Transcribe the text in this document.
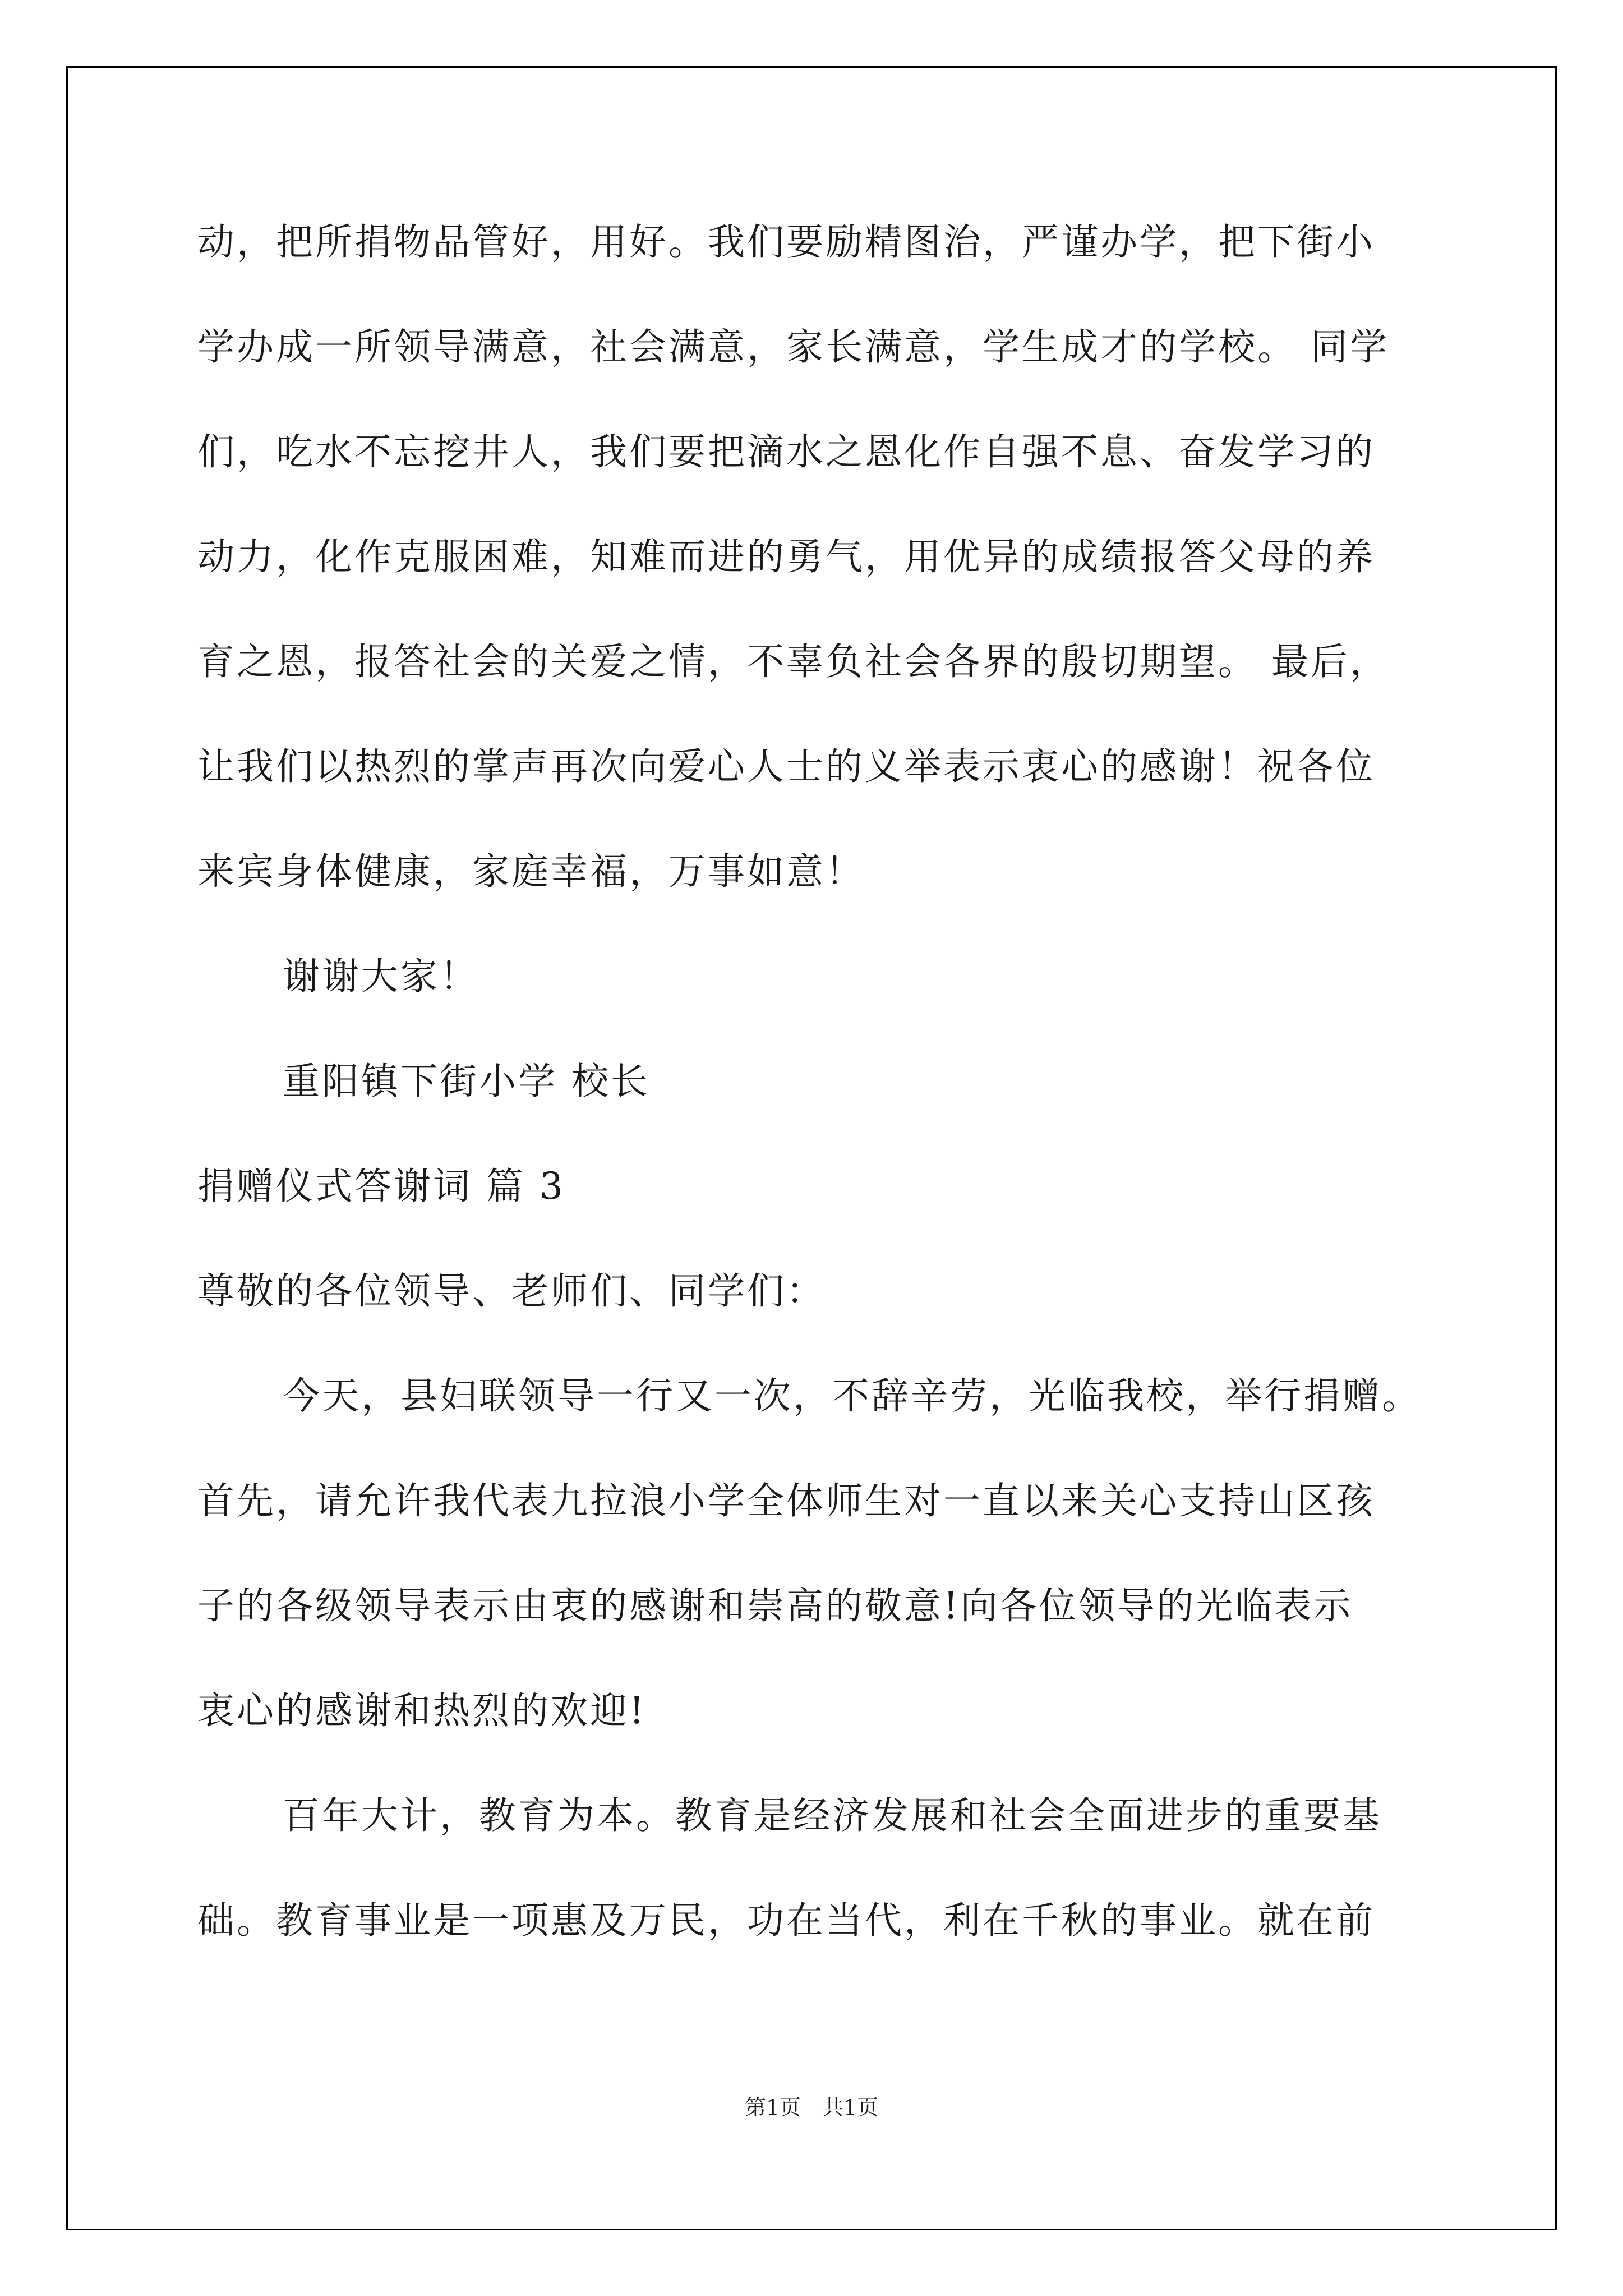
动，把所捐物品管好，用好。我们要励精图治，严谨办学，把下街小
学办成一所领导满意，社会满意，家长满意，学生成才的学校。 同学
们，吃水不忘挖井人，我们要把滴水之恩化作自强不息、奋发学习的
动力，化作克服困难，知难而进的勇气，用优异的成绩报答父母的养
育之恩，报答社会的关爱之情，不辜负社会各界的殷切期望。 最后，
让我们以热烈的掌声再次向爱心人士的义举表示衷心的感谢！祝各位
来宾身体健康，家庭幸福，万事如意！
谢谢大家！
重阳镇下街小学 校长
捐赠仪式答谢词 篇 3
尊敬的各位领导、老师们、同学们：
今天，县妇联领导一行又一次，不辞辛劳，光临我校，举行捐赠。
首先，请允许我代表九拉浪小学全体师生对一直以来关心支持山区孩
子的各级领导表示由衷的感谢和崇高的敬意!向各位领导的光临表示
衷心的感谢和热烈的欢迎!
百年大计，教育为本。教育是经济发展和社会全面进步的重要基
础。教育事业是一项惠及万民，功在当代，利在千秋的事业。就在前
第1页　共1页
